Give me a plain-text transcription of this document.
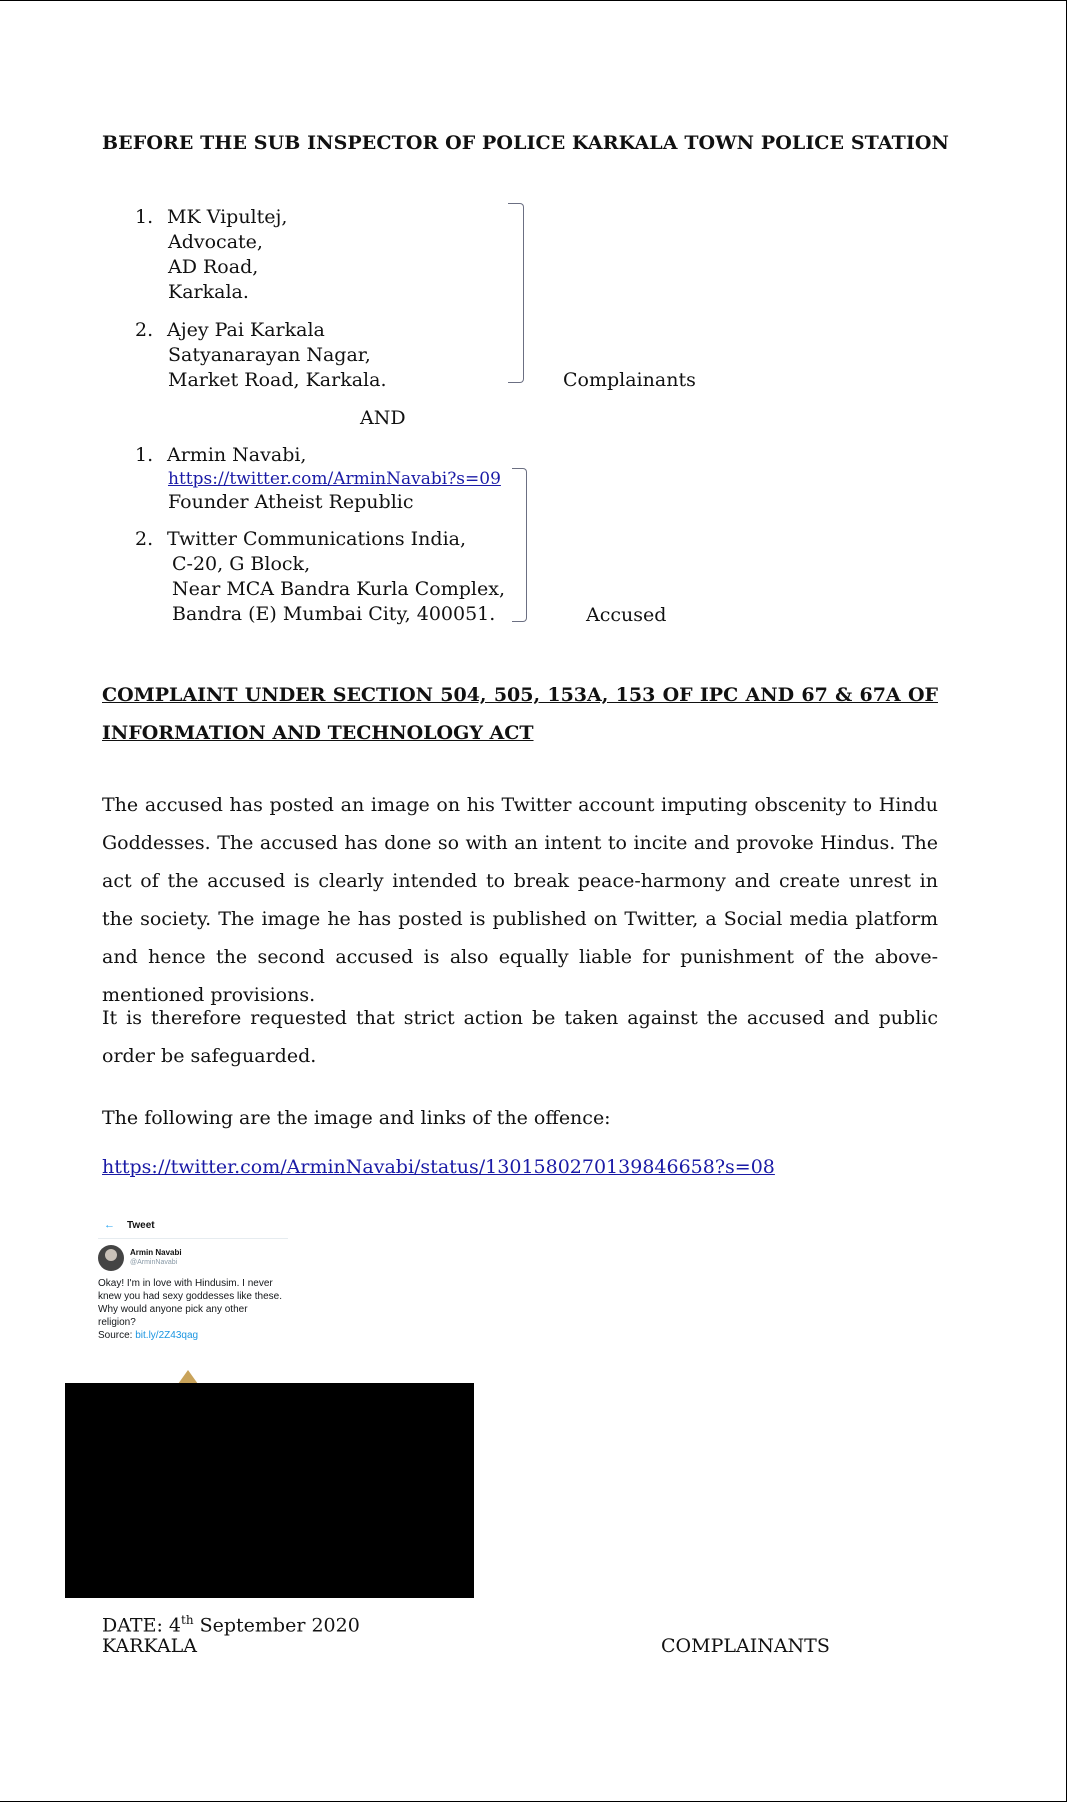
BEFORE THE SUB INSPECTOR OF POLICE KARKALA TOWN POLICE STATION
1. MK Vipultej,
Advocate,
AD Road,
Karkala.
2. Ajey Pai Karkala
Satyanarayan Nagar,
Market Road, Karkala.	Complainants
AND
1. Armin Navabi,
https://twitter.com/ArminNavabi?s=09
Founder Atheist Republic
2. Twitter Communications India,
C-20, G Block,
Near MCA Bandra Kurla Complex,
Bandra (E) Mumbai City, 400051.	Accused
COMPLAINT UNDER SECTION 504, 505, 153A, 153 OF IPC AND 67 & 67A OF INFORMATION AND TECHNOLOGY ACT
The accused has posted an image on his Twitter account imputing obscenity to Hindu Goddesses. The accused has done so with an intent to incite and provoke Hindus. The act of the accused is clearly intended to break peace-harmony and create unrest in the society. The image he has posted is published on Twitter, a Social media platform and hence the second accused is also equally liable for punishment of the above-mentioned provisions.
It is therefore requested that strict action be taken against the accused and public order be safeguarded.
The following are the image and links of the offence:
https://twitter.com/ArminNavabi/status/1301580270139846658?s=08
← Tweet
Armin Navabi
@ArminNavabi
Okay! I'm in love with Hindusim. I never knew you had sexy goddesses like these. Why would anyone pick any other religion?
Source: bit.ly/2Z43qag
DATE: 4th September 2020
KARKALA	COMPLAINANTS
